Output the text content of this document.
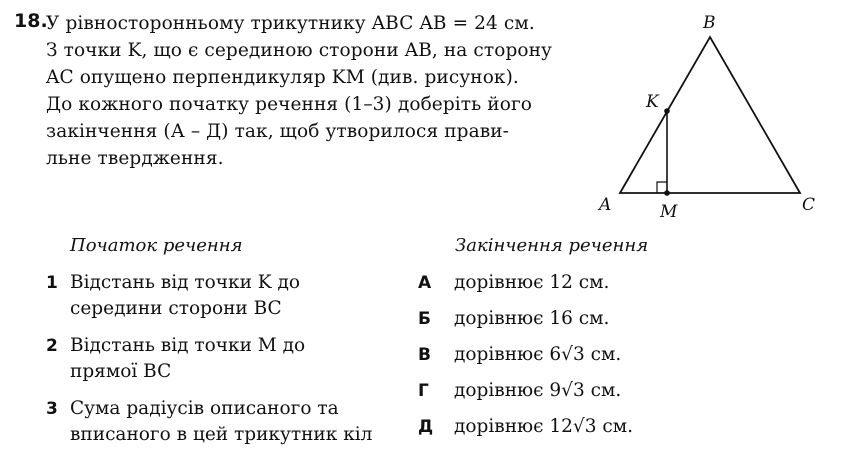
18.
У рівносторонньому трикутнику ABC AB = 24 см.
З точки K, що є серединою сторони AB, на сторону
AC опущено перпендикуляр KM (див. рисунок).
До кожного початку речення (1–3) доберіть його
закінчення (А – Д) так, щоб утворилося прави-
льне твердження.
B
K
A	M	C
Початок речення	Закінчення речення
1 Відстань від точки K до
середини сторони BC
2 Відстань від точки M до
прямої BC
3 Сума радіусів описаного та
вписаного в цей трикутник кіл
А дорівнює 12 см.
Б дорівнює 16 см.
В дорівнює 6√3 см.
Г дорівнює 9√3 см.
Д дорівнює 12√3 см.
